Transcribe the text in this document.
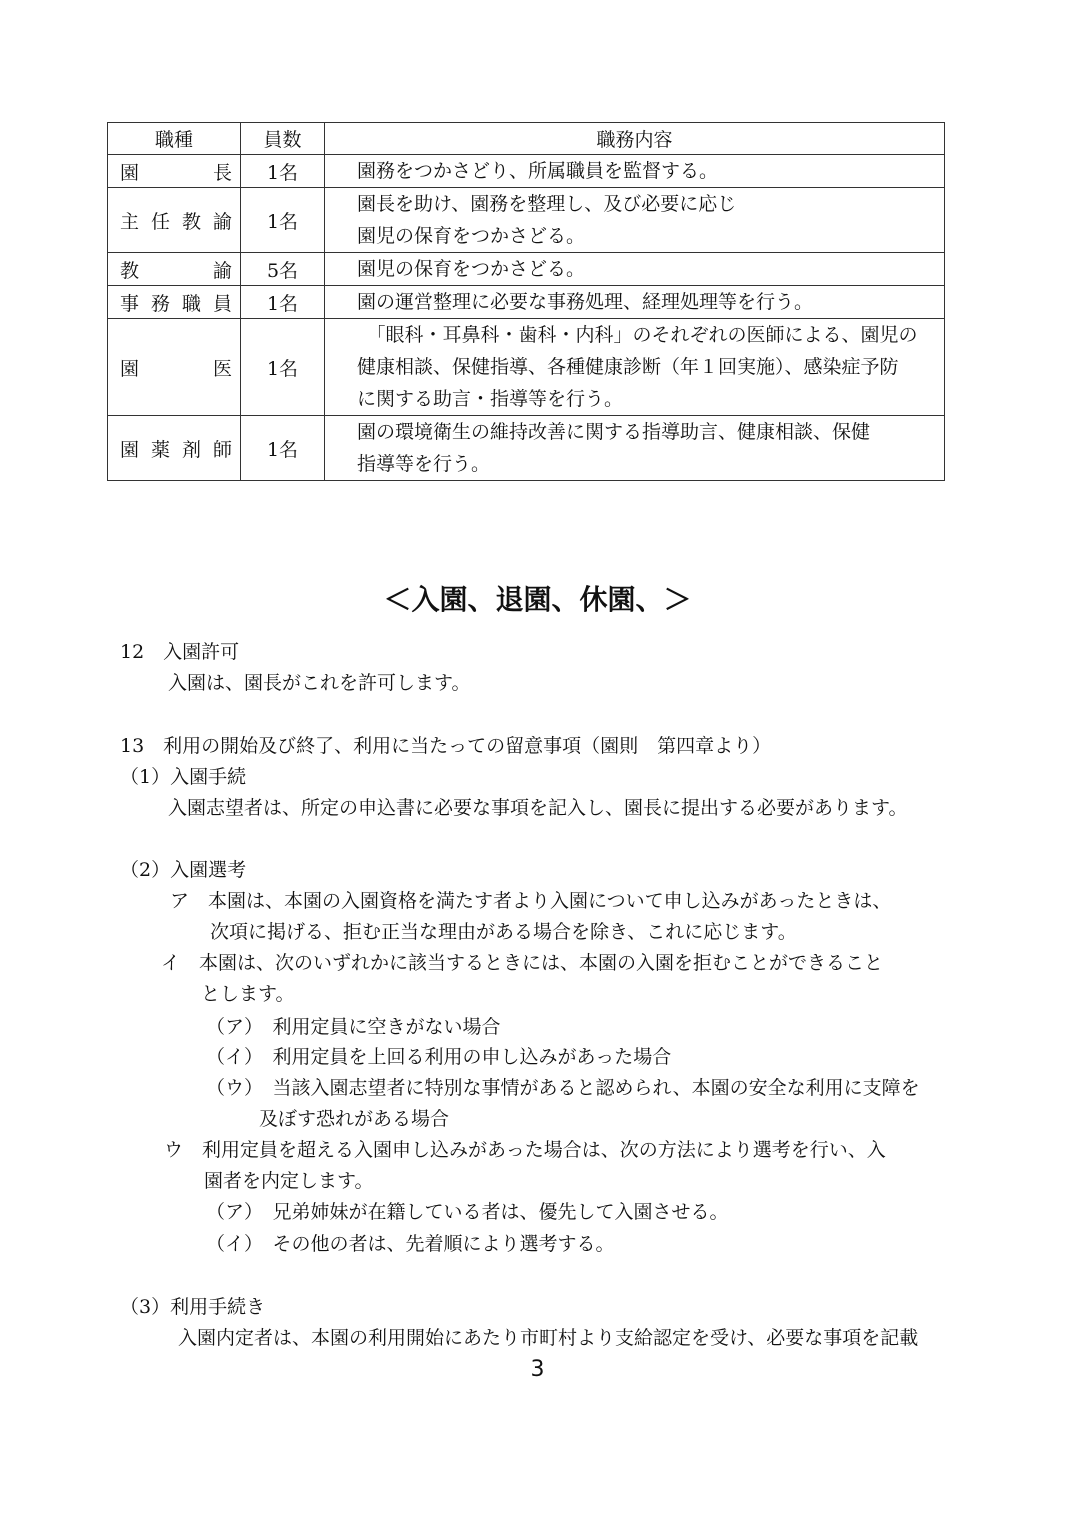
職種	員数	職務内容

園 長	1名	園務をつかさどり、所属職員を監督する。

主 任 教 諭	1名	園長を助け、園務を整理し、及び必要に応じ
園児の保育をつかさどる。

教 諭	5名	園児の保育をつかさどる。

事 務 職 員	1名	園の運営整理に必要な事務処理、経理処理等を行う。

園 医	1名	「眼科・耳鼻科・歯科・内科」のそれぞれの医師による、園児の
健康相談、保健指導、各種健康診断（年１回実施）、感染症予防
に関する助言・指導等を行う。

園 薬 剤 師	1名	園の環境衛生の維持改善に関する指導助言、健康相談、保健
指導等を行う。
＜入園、退園、休園、＞

12　入園許可

入園は、園長がこれを許可します。

13　利用の開始及び終了、利用に当たっての留意事項（園則　第四章より）

（1）入園手続

入園志望者は、所定の申込書に必要な事項を記入し、園長に提出する必要があります。

（2）入園選考

ア　本園は、本園の入園資格を満たす者より入園について申し込みがあったときは、

次項に掲げる、拒む正当な理由がある場合を除き、これに応じます。

イ　本園は、次のいずれかに該当するときには、本園の入園を拒むことができること

とします。

（ア）　利用定員に空きがない場合

（イ）　利用定員を上回る利用の申し込みがあった場合

（ウ）　当該入園志望者に特別な事情があると認められ、本園の安全な利用に支障を

及ぼす恐れがある場合

ウ　利用定員を超える入園申し込みがあった場合は、次の方法により選考を行い、入

園者を内定します。

（ア）　兄弟姉妹が在籍している者は、優先して入園させる。

（イ）　その他の者は、先着順により選考する。

（3）利用手続き

入園内定者は、本園の利用開始にあたり市町村より支給認定を受け、必要な事項を記載

3
